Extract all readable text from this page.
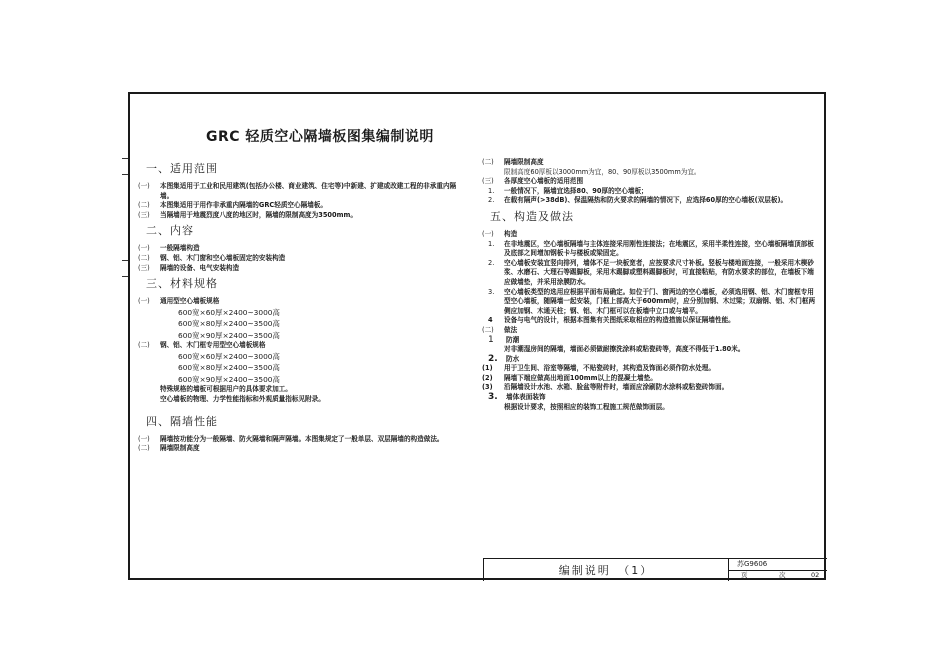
GRC 轻质空心隔墙板图集编制说明
一、适用范围
(一)	本图集适用于工业和民用建筑(包括办公楼、商业建筑、住宅等)中新建、扩建或改建工程的非承重内隔墙。
(二)	本图集适用于用作非承重内隔墙的GRC轻质空心隔墙板。
(三)	当隔墙用于地震烈度八度的地区时，隔墙的限制高度为3500mm。
二、内容
(一)	一般隔墙构造
(二)	钢、铝、木门窗和空心墙板固定的安装构造
(三)	隔墙的设备、电气安装构造
三、材料规格
(一)	通用型空心墙板规格
600宽×60厚×2400~3000高
600宽×80厚×2400~3500高
600宽×90厚×2400~3500高
(二)	钢、铝、木门框专用型空心墙板规格
600宽×60厚×2400~3000高
600宽×80厚×2400~3500高
600宽×90厚×2400~3500高
特殊规格的墙板可根据用户的具体要求加工。
空心墙板的物理、力学性能指标和外观质量指标见附录。
四、隔墙性能
(一)	隔墙按功能分为一般隔墙、防火隔墙和隔声隔墙。本图集规定了一般单层、双层隔墙的构造做法。
(二)	隔墙限制高度
(二)	隔墙限制高度
限制高度60厚板以3000mm为宜，80、90厚板以3500mm为宜。
(三)	各厚度空心墙板的适用范围
1.	一般情况下，隔墙宜选择80、90厚的空心墙板；
2.	在载有隔声(>38dB)、保温隔热和防火要求的隔墙的情况下，应选择60厚的空心墙板(双层板)。
五、构造及做法
(一)	构造
1.	在非地震区，空心墙板隔墙与主体连接采用刚性连接法；在地震区，采用半柔性连接，空心墙板隔墙顶部板及底部之间增加钢板卡与楼板或梁固定。
2.	空心墙板安装宜竖向排列，墙体不足一块板宽者，应按要求尺寸补板。竖板与楼地面连接，一般采用木楔砂浆、水磨石、大理石等踢脚板，采用木踢脚或塑料踢脚板时，可直接粘贴，有防水要求的部位，在墙板下端应做墙垫，并采用涂膜防水。
3.	空心墙板类型的选用应根据平面布局确定。如位于门、窗两边的空心墙板，必须选用钢、铝、木门窗框专用型空心墙板，随隔墙一起安装，门框上部高大于600mm时，应分别加钢、木过梁；双扇钢、铝、木门框两侧应加钢、木通天柱；钢、铝、木门框可以在板墙中立口或与墙平。
4	设备与电气的设计，根据本图集有关图纸采取相应的构造措施以保证隔墙性能。
(二)	做法
1	防潮
对非潮湿房间的隔墙，墙面必须做耐擦洗涂料或粘瓷砖等，高度不得低于1.80米。
2.	防水
(1)	用于卫生间、浴室等隔墙，不贴瓷砖时，其构造及饰面必须作防水处理。
(2)	隔墙下端应做高出地面100mm以上的混凝土墙垫。
(3)	沿隔墙设计水池、水箱、脸盆等附件时，墙面应涂刷防水涂料或粘瓷砖饰面。
3.	墙体表面装饰
根据设计要求，按照相应的装饰工程施工规范做饰面层。
编制说明　（1）	苏G9606
页	次	02
